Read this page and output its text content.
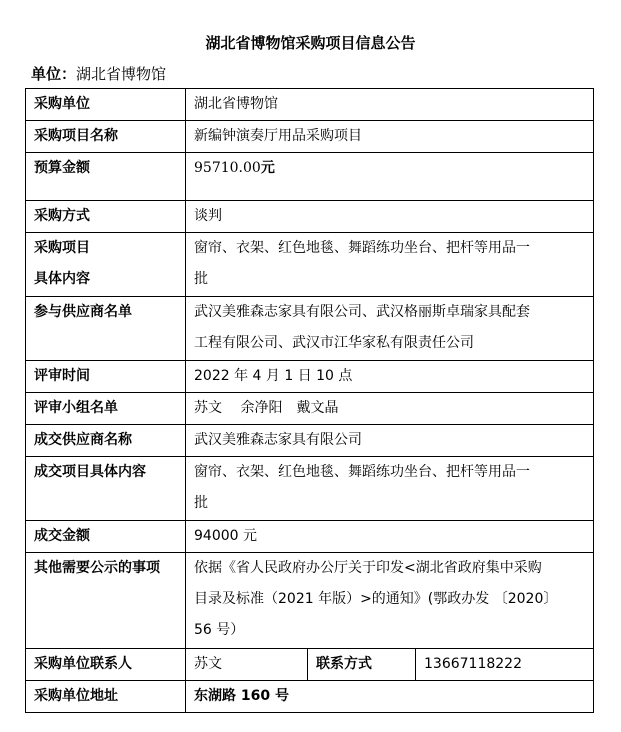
湖北省博物馆采购项目信息公告
单位：湖北省博物馆
采购单位	湖北省博物馆		
采购项目名称	新编钟演奏厅用品采购项目		
预算金额	95710.00元		
采购方式	谈判		

采购项目
具体内容	窗帘、衣架、红色地毯、舞蹈练功坐台、把杆等用品一
批		

参与供应商名单	武汉美雅森志家具有限公司、武汉格丽斯卓瑞家具配套
工程有限公司、武汉市江华家私有限责任公司		

评审时间	2022 年 4 月 1 日 10 点		
评审小组名单	苏文　 余净阳　戴文晶		
成交供应商名称	武汉美雅森志家具有限公司		
成交项目具体内容	窗帘、衣架、红色地毯、舞蹈练功坐台、把杆等用品一
批		

成交金额	94000 元		
其他需要公示的事项	依据《省人民政府办公厅关于印发<湖北省政府集中采购
目录及标准（2021 年版）>的通知》(鄂政办发 〔2020〕
56 号）		

采购单位联系人	苏文	联系方式	13667118222
采购单位地址	东湖路 160 号		
